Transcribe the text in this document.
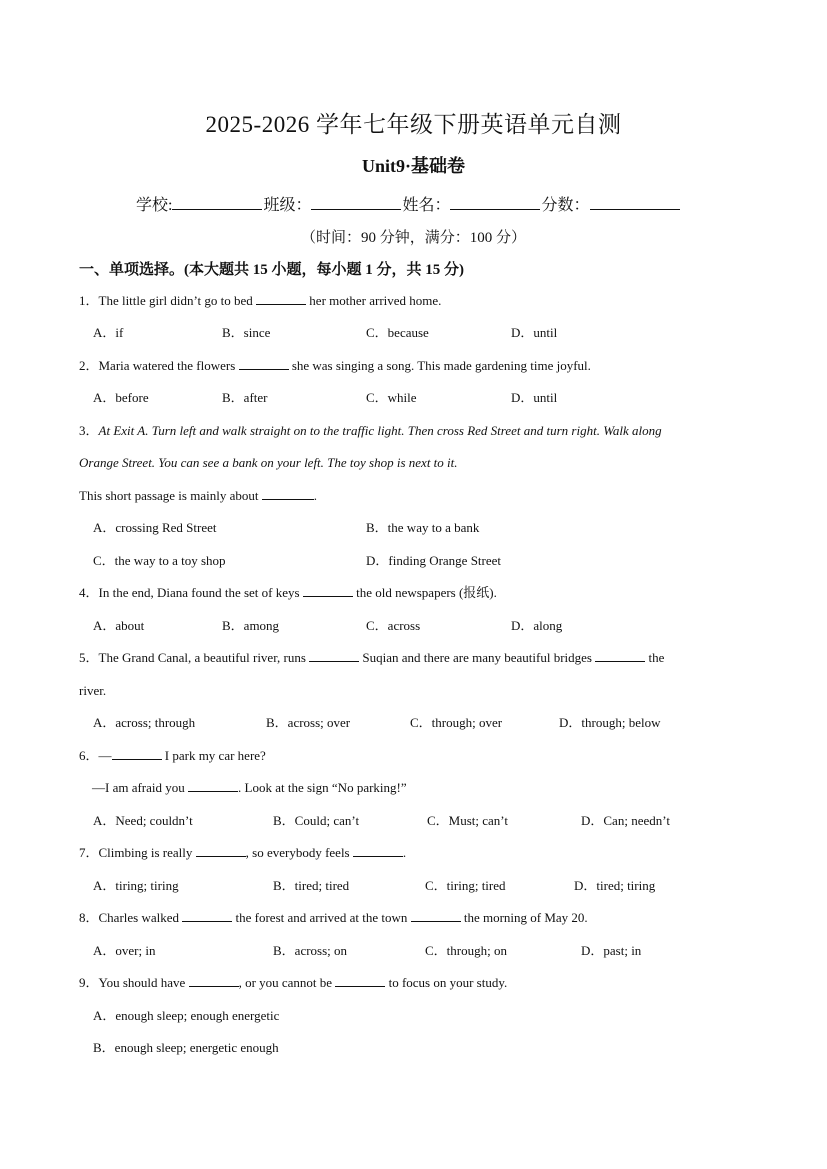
2025-2026 学年七年级下册英语单元自测
Unit9·基础卷
学校:	班级：	姓名：	分数：
（时间：90 分钟，满分：100 分）
一、单项选择。(本大题共 15 小题，每小题 1 分，共 15 分)
1．The little girl didn’t go to bed	her mother arrived home.
A．if	B．since	C．because	D．until
2．Maria watered the flowers	she was singing a song. This made gardening time joyful.
A．before	B．after	C．while	D．until
3．At Exit A. Turn left and walk straight on to the traffic light. Then cross Red Street and turn right. Walk along
Orange Street. You can see a bank on your left. The toy shop is next to it.
This short passage is mainly about	.
A．crossing Red Street	B．the way to a bank
C．the way to a toy shop	D．finding Orange Street
4．In the end, Diana found the set of keys	the old newspapers (报纸).
A．about	B．among	C．across	D．along
5．The Grand Canal, a beautiful river, runs	Suqian and there are many beautiful bridges	the
river.
A．across; through	B．across; over	C．through; over	D．through; below
6．—	I park my car here?
—I am afraid you	. Look at the sign “No parking!”
A．Need; couldn’t	B．Could; can’t	C．Must; can’t	D．Can; needn’t
7．Climbing is really	, so everybody feels	.
A．tiring; tiring	B．tired; tired	C．tiring; tired	D．tired; tiring
8．Charles walked	the forest and arrived at the town	the morning of May 20.
A．over; in	B．across; on	C．through; on	D．past; in
9．You should have	, or you cannot be	to focus on your study.
A．enough sleep; enough energetic
B．enough sleep; energetic enough
